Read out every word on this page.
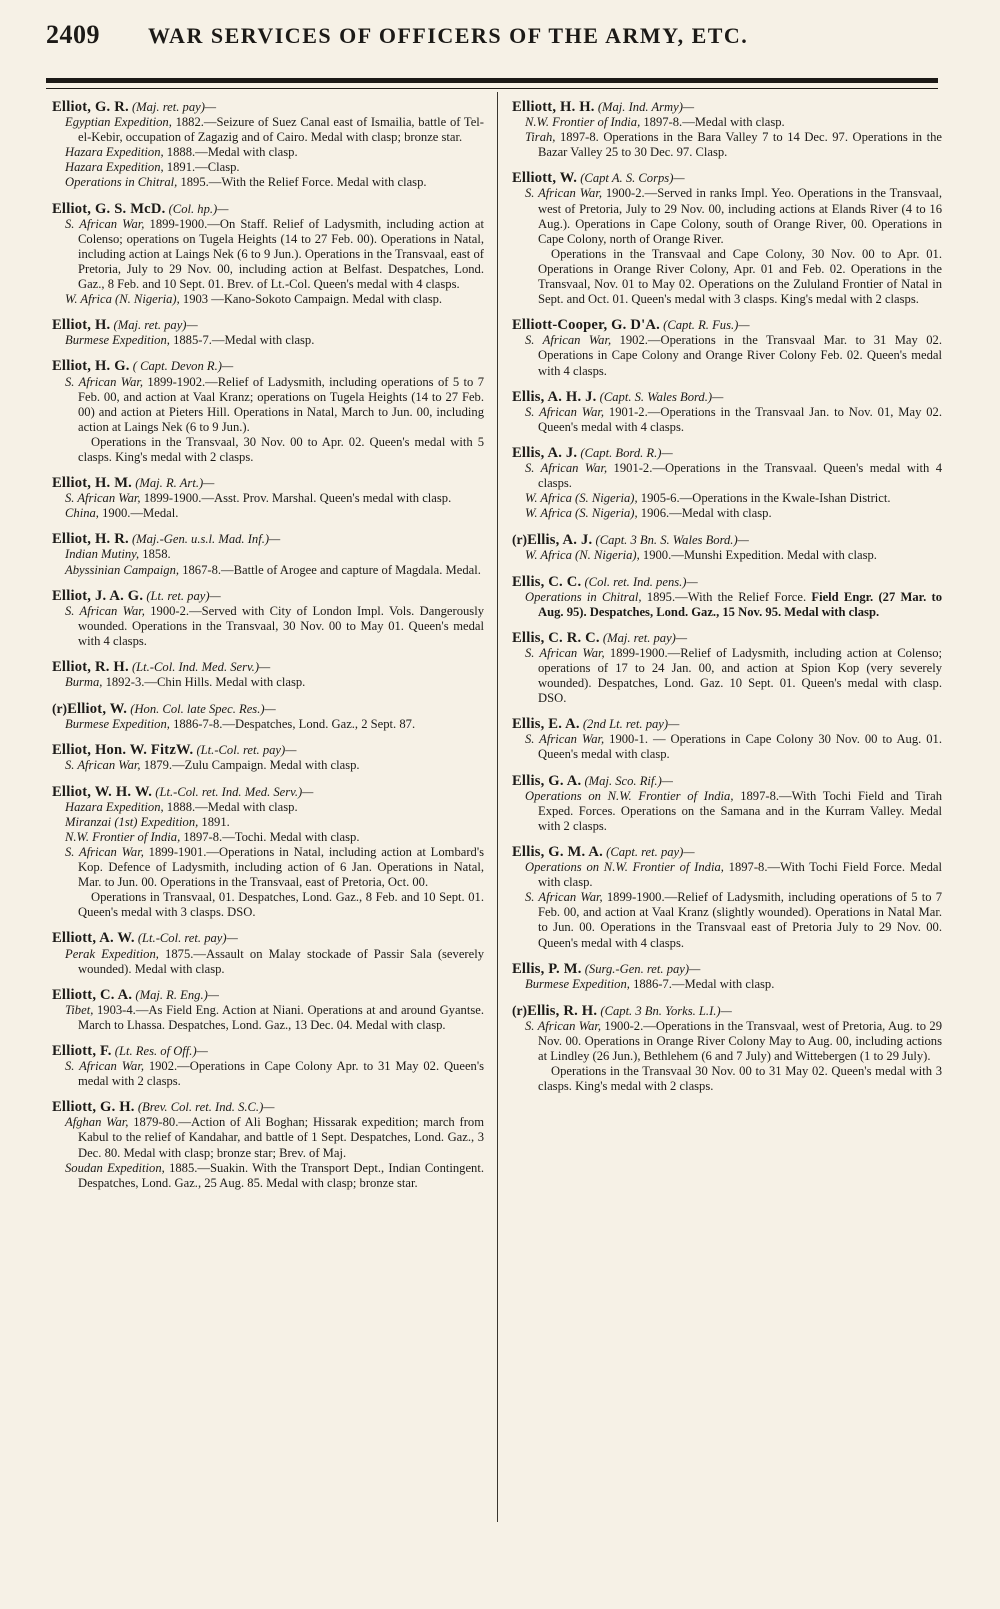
2409 WAR SERVICES OF OFFICERS OF THE ARMY, ETC.
Elliot, G. R. (Maj. ret. pay)—
Egyptian Expedition, 1882.—Seizure of Suez Canal east of Ismailia, battle of Tel-el-Kebir, occupation of Zagazig and of Cairo. Medal with clasp; bronze star.
Hazara Expedition, 1888.—Medal with clasp.
Hazara Expedition, 1891.—Clasp.
Operations in Chitral, 1895.—With the Relief Force. Medal with clasp.
Elliot, G. S. McD. (Col. hp.)—
S. African War, 1899-1900.—On Staff. Relief of Ladysmith, including action at Colenso; operations on Tugela Heights (14 to 27 Feb. 00). Operations in Natal, including action at Laings Nek (6 to 9 Jun.). Operations in the Transvaal, east of Pretoria, July to 29 Nov. 00, including action at Belfast. Despatches, Lond. Gaz., 8 Feb. and 10 Sept. 01. Brev. of Lt.-Col. Queen's medal with 4 clasps.
W. Africa (N. Nigeria), 1903 —Kano-Sokoto Campaign. Medal with clasp.
Elliot, H. (Maj. ret. pay)—
Burmese Expedition, 1885-7.—Medal with clasp.
Elliot, H. G. ( Capt. Devon R.)—
S. African War, 1899-1902.—Relief of Ladysmith, including operations of 5 to 7 Feb. 00, and action at Vaal Kranz; operations on Tugela Heights (14 to 27 Feb. 00) and action at Pieters Hill. Operations in Natal, March to Jun. 00, including action at Laings Nek (6 to 9 Jun.).
Operations in the Transvaal, 30 Nov. 00 to Apr. 02. Queen's medal with 5 clasps. King's medal with 2 clasps.
Elliot, H. M. (Maj. R. Art.)—
S. African War, 1899-1900.—Asst. Prov. Marshal. Queen's medal with clasp.
China, 1900.—Medal.
Elliot, H. R. (Maj.-Gen. u.s.l. Mad. Inf.)—
Indian Mutiny, 1858.
Abyssinian Campaign, 1867-8.—Battle of Arogee and capture of Magdala. Medal.
Elliot, J. A. G. (Lt. ret. pay)—
S. African War, 1900-2.—Served with City of London Impl. Vols. Dangerously wounded. Operations in the Transvaal, 30 Nov. 00 to May 01. Queen's medal with 4 clasps.
Elliot, R. H. (Lt.-Col. Ind. Med. Serv.)—
Burma, 1892-3.—Chin Hills. Medal with clasp.
(r)Elliot, W. (Hon. Col. late Spec. Res.)—
Burmese Expedition, 1886-7-8.—Despatches, Lond. Gaz., 2 Sept. 87.
Elliot, Hon. W. FitzW. (Lt.-Col. ret. pay)—
S. African War, 1879.—Zulu Campaign. Medal with clasp.
Elliot, W. H. W. (Lt.-Col. ret. Ind. Med. Serv.)—
Hazara Expedition, 1888.—Medal with clasp.
Miranzai (1st) Expedition, 1891.
N.W. Frontier of India, 1897-8.—Tochi. Medal with clasp.
S. African War, 1899-1901.—Operations in Natal, including action at Lombard's Kop. Defence of Ladysmith, including action of 6 Jan. Operations in Natal, Mar. to Jun. 00. Operations in the Transvaal, east of Pretoria, Oct. 00.
Operations in Transvaal, 01. Despatches, Lond. Gaz., 8 Feb. and 10 Sept. 01. Queen's medal with 3 clasps. DSO.
Elliott, A. W. (Lt.-Col. ret. pay)—
Perak Expedition, 1875.—Assault on Malay stockade of Passir Sala (severely wounded). Medal with clasp.
Elliott, C. A. (Maj. R. Eng.)—
Tibet, 1903-4.—As Field Eng. Action at Niani. Operations at and around Gyantse. March to Lhassa. Despatches, Lond. Gaz., 13 Dec. 04. Medal with clasp.
Elliott, F. (Lt. Res. of Off.)—
S. African War, 1902.—Operations in Cape Colony Apr. to 31 May 02. Queen's medal with 2 clasps.
Elliott, G. H. (Brev. Col. ret. Ind. S.C.)—
Afghan War, 1879-80.—Action of Ali Boghan; Hissarak expedition; march from Kabul to the relief of Kandahar, and battle of 1 Sept. Despatches, Lond. Gaz., 3 Dec. 80. Medal with clasp; bronze star; Brev. of Maj.
Soudan Expedition, 1885.—Suakin. With the Transport Dept., Indian Contingent. Despatches, Lond. Gaz., 25 Aug. 85. Medal with clasp; bronze star.
Elliott, H. H. (Maj. Ind. Army)—
N.W. Frontier of India, 1897-8.—Medal with clasp.
Tirah, 1897-8. Operations in the Bara Valley 7 to 14 Dec. 97. Operations in the Bazar Valley 25 to 30 Dec. 97. Clasp.
Elliott, W. (Capt A. S. Corps)—
S. African War, 1900-2.—Served in ranks Impl. Yeo. Operations in the Transvaal, west of Pretoria, July to 29 Nov. 00, including actions at Elands River (4 to 16 Aug.). Operations in Cape Colony, south of Orange River, 00. Operations in Cape Colony, north of Orange River.
Operations in the Transvaal and Cape Colony, 30 Nov. 00 to Apr. 01. Operations in Orange River Colony, Apr. 01 and Feb. 02. Operations in the Transvaal, Nov. 01 to May 02. Operations on the Zululand Frontier of Natal in Sept. and Oct. 01. Queen's medal with 3 clasps. King's medal with 2 clasps.
Elliott-Cooper, G. D'A. (Capt. R. Fus.)—
S. African War, 1902.—Operations in the Transvaal Mar. to 31 May 02. Operations in Cape Colony and Orange River Colony Feb. 02. Queen's medal with 4 clasps.
Ellis, A. H. J. (Capt. S. Wales Bord.)—
S. African War, 1901-2.—Operations in the Transvaal Jan. to Nov. 01, May 02. Queen's medal with 4 clasps.
Ellis, A. J. (Capt. Bord. R.)—
S. African War, 1901-2.—Operations in the Transvaal. Queen's medal with 4 clasps.
W. Africa (S. Nigeria), 1905-6.—Operations in the Kwale-Ishan District.
W. Africa (S. Nigeria), 1906.—Medal with clasp.
(r)Ellis, A. J. (Capt. 3 Bn. S. Wales Bord.)—
W. Africa (N. Nigeria), 1900.—Munshi Expedition. Medal with clasp.
Ellis, C. C. (Col. ret. Ind. pens.)—
Operations in Chitral, 1895.—With the Relief Force. Field Engr. (27 Mar. to Aug. 95). Despatches, Lond. Gaz., 15 Nov. 95. Medal with clasp.
Ellis, C. R. C. (Maj. ret. pay)—
S. African War, 1899-1900.—Relief of Ladysmith, including action at Colenso; operations of 17 to 24 Jan. 00, and action at Spion Kop (very severely wounded). Despatches, Lond. Gaz. 10 Sept. 01. Queen's medal with clasp. DSO.
Ellis, E. A. (2nd Lt. ret. pay)—
S. African War, 1900-1. — Operations in Cape Colony 30 Nov. 00 to Aug. 01. Queen's medal with clasp.
Ellis, G. A. (Maj. Sco. Rif.)—
Operations on N.W. Frontier of India, 1897-8.—With Tochi Field and Tirah Exped. Forces. Operations on the Samana and in the Kurram Valley. Medal with 2 clasps.
Ellis, G. M. A. (Capt. ret. pay)—
Operations on N.W. Frontier of India, 1897-8.—With Tochi Field Force. Medal with clasp.
S. African War, 1899-1900.—Relief of Ladysmith, including operations of 5 to 7 Feb. 00, and action at Vaal Kranz (slightly wounded). Operations in Natal Mar. to Jun. 00. Operations in the Transvaal east of Pretoria July to 29 Nov. 00. Queen's medal with 4 clasps.
Ellis, P. M. (Surg.-Gen. ret. pay)—
Burmese Expedition, 1886-7.—Medal with clasp.
(r)Ellis, R. H. (Capt. 3 Bn. Yorks. L.I.)—
S. African War, 1900-2.—Operations in the Transvaal, west of Pretoria, Aug. to 29 Nov. 00. Operations in Orange River Colony May to Aug. 00, including actions at Lindley (26 Jun.), Bethlehem (6 and 7 July) and Wittebergen (1 to 29 July).
Operations in the Transvaal 30 Nov. 00 to 31 May 02. Queen's medal with 3 clasps. King's medal with 2 clasps.
